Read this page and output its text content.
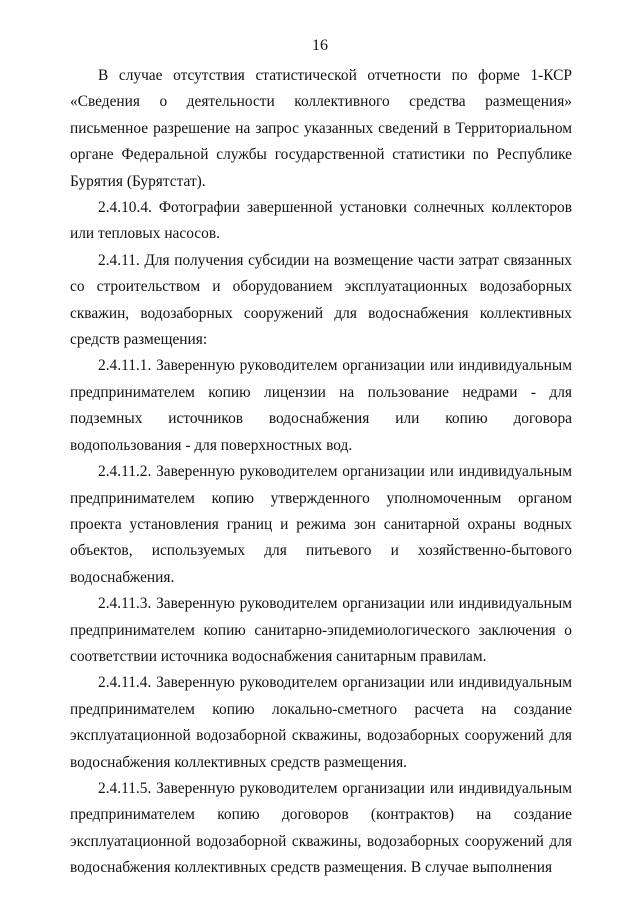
16

В случае отсутствия статистической отчетности по форме 1-КСР «Сведения о деятельности коллективного средства размещения» письменное разрешение на запрос указанных сведений в Территориальном органе Федеральной службы государственной статистики по Республике Бурятия (Бурятстат).

2.4.10.4. Фотографии завершенной установки солнечных коллекторов или тепловых насосов.

2.4.11. Для получения субсидии на возмещение части затрат связанных со строительством и оборудованием эксплуатационных водозаборных скважин, водозаборных сооружений для водоснабжения коллективных средств размещения:

2.4.11.1. Заверенную руководителем организации или индивидуальным предпринимателем копию лицензии на пользование недрами - для подземных источников водоснабжения или копию договора водопользования - для поверхностных вод.

2.4.11.2. Заверенную руководителем организации или индивидуальным предпринимателем копию утвержденного уполномоченным органом проекта установления границ и режима зон санитарной охраны водных объектов, используемых для питьевого и хозяйственно-бытового водоснабжения.

2.4.11.3. Заверенную руководителем организации или индивидуальным предпринимателем копию санитарно-эпидемиологического заключения о соответствии источника водоснабжения санитарным правилам.

2.4.11.4. Заверенную руководителем организации или индивидуальным предпринимателем копию локально-сметного расчета на создание эксплуатационной водозаборной скважины, водозаборных сооружений для водоснабжения коллективных средств размещения.

2.4.11.5. Заверенную руководителем организации или индивидуальным предпринимателем копию договоров (контрактов) на создание эксплуатационной водозаборной скважины, водозаборных сооружений для водоснабжения коллективных средств размещения. В случае выполнения
